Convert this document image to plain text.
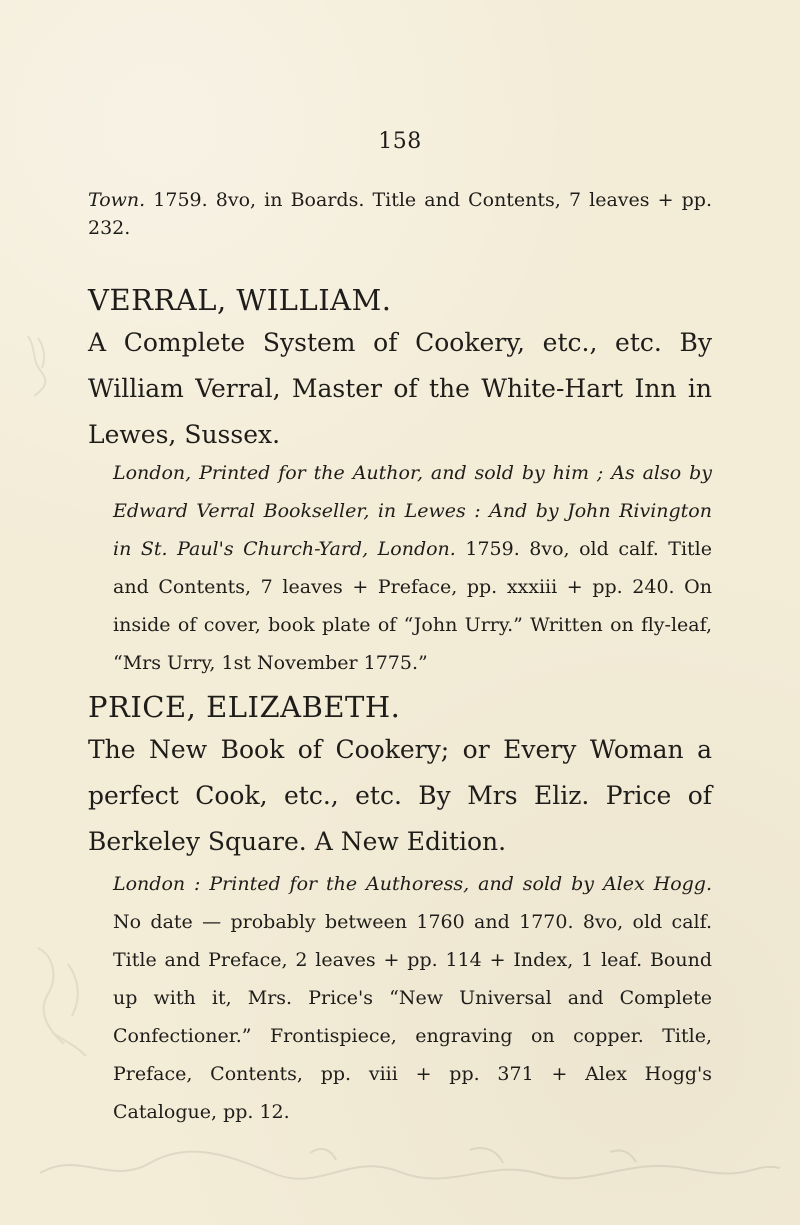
158
Town. 1759. 8vo, in Boards. Title and Contents, 7 leaves + pp. 232.
VERRAL, WILLIAM.
A Complete System of Cookery, etc., etc. By William Verral, Master of the White-Hart Inn in Lewes, Sussex.
London, Printed for the Author, and sold by him ; As also by Edward Verral Bookseller, in Lewes : And by John Rivington in St. Paul's Church-Yard, London. 1759. 8vo, old calf. Title and Contents, 7 leaves + Preface, pp. xxxiii + pp. 240. On inside of cover, book plate of “John Urry.” Written on fly-leaf, “Mrs Urry, 1st November 1775.”
PRICE, ELIZABETH.
The New Book of Cookery; or Every Woman a perfect Cook, etc., etc. By Mrs Eliz. Price of Berkeley Square. A New Edition.
London : Printed for the Authoress, and sold by Alex Hogg. No date — probably between 1760 and 1770. 8vo, old calf. Title and Preface, 2 leaves + pp. 114 + Index, 1 leaf. Bound up with it, Mrs. Price's “New Universal and Complete Confectioner.” Frontispiece, engraving on copper. Title, Preface, Contents, pp. viii + pp. 371 + Alex Hogg's Catalogue, pp. 12.
